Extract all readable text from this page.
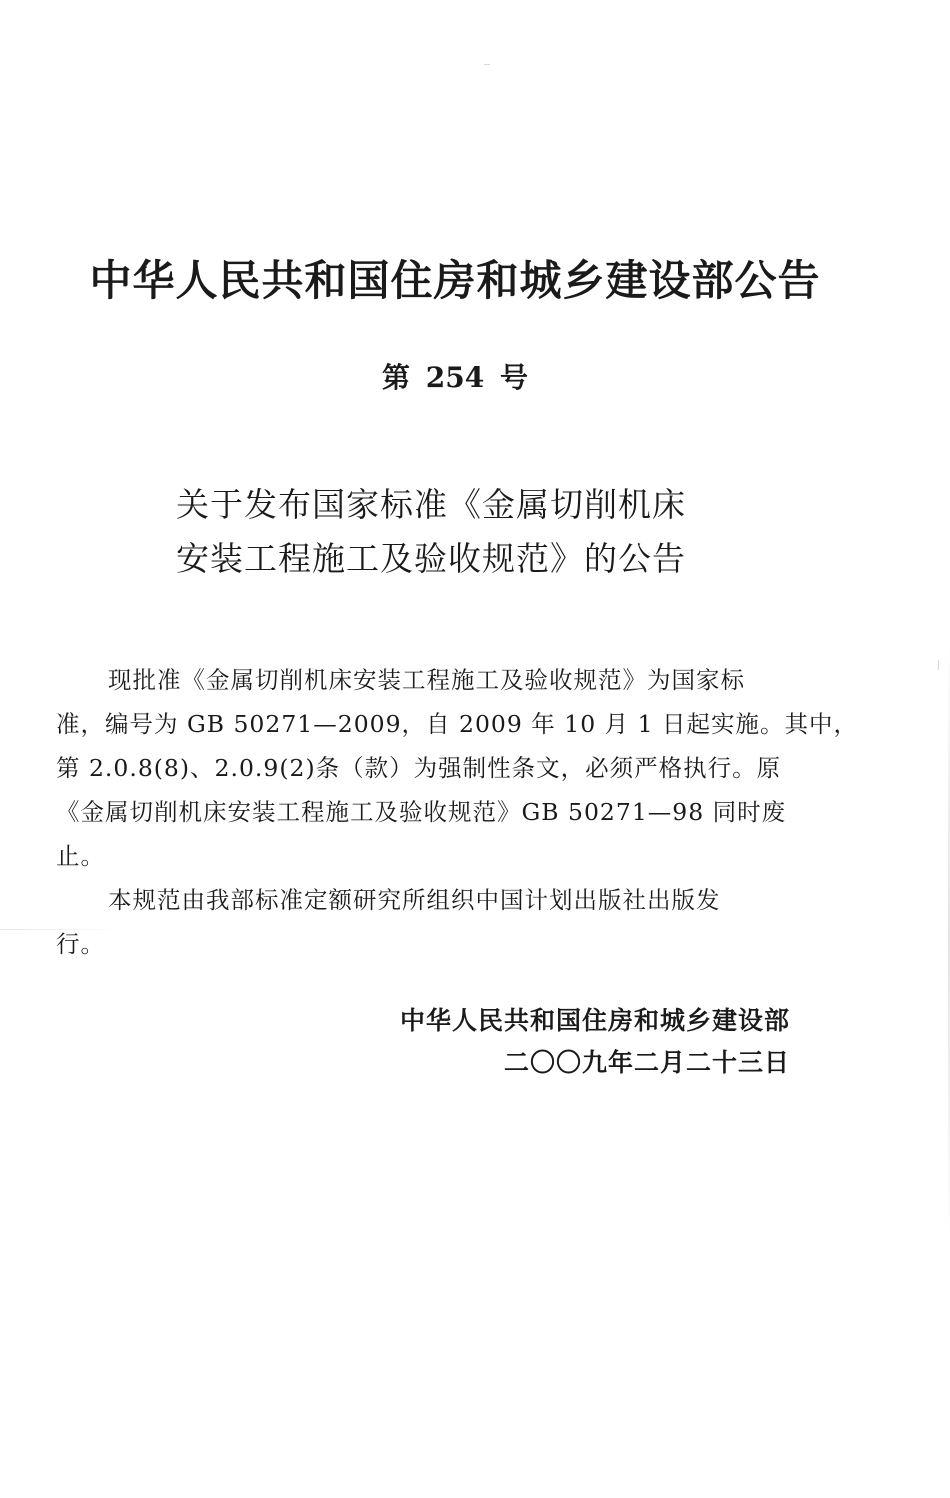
中华人民共和国住房和城乡建设部公告
第 254 号
关于发布国家标准《金属切削机床
安装工程施工及验收规范》的公告
现批准《金属切削机床安装工程施工及验收规范》为国家标
准，编号为 GB 50271—2009，自 2009 年 10 月 1 日起实施。其中，
第 2.0.8(8)、2.0.9(2)条（款）为强制性条文，必须严格执行。原
《金属切削机床安装工程施工及验收规范》GB 50271—98 同时废
止。
本规范由我部标准定额研究所组织中国计划出版社出版发
行。
中华人民共和国住房和城乡建设部
二〇〇九年二月二十三日
